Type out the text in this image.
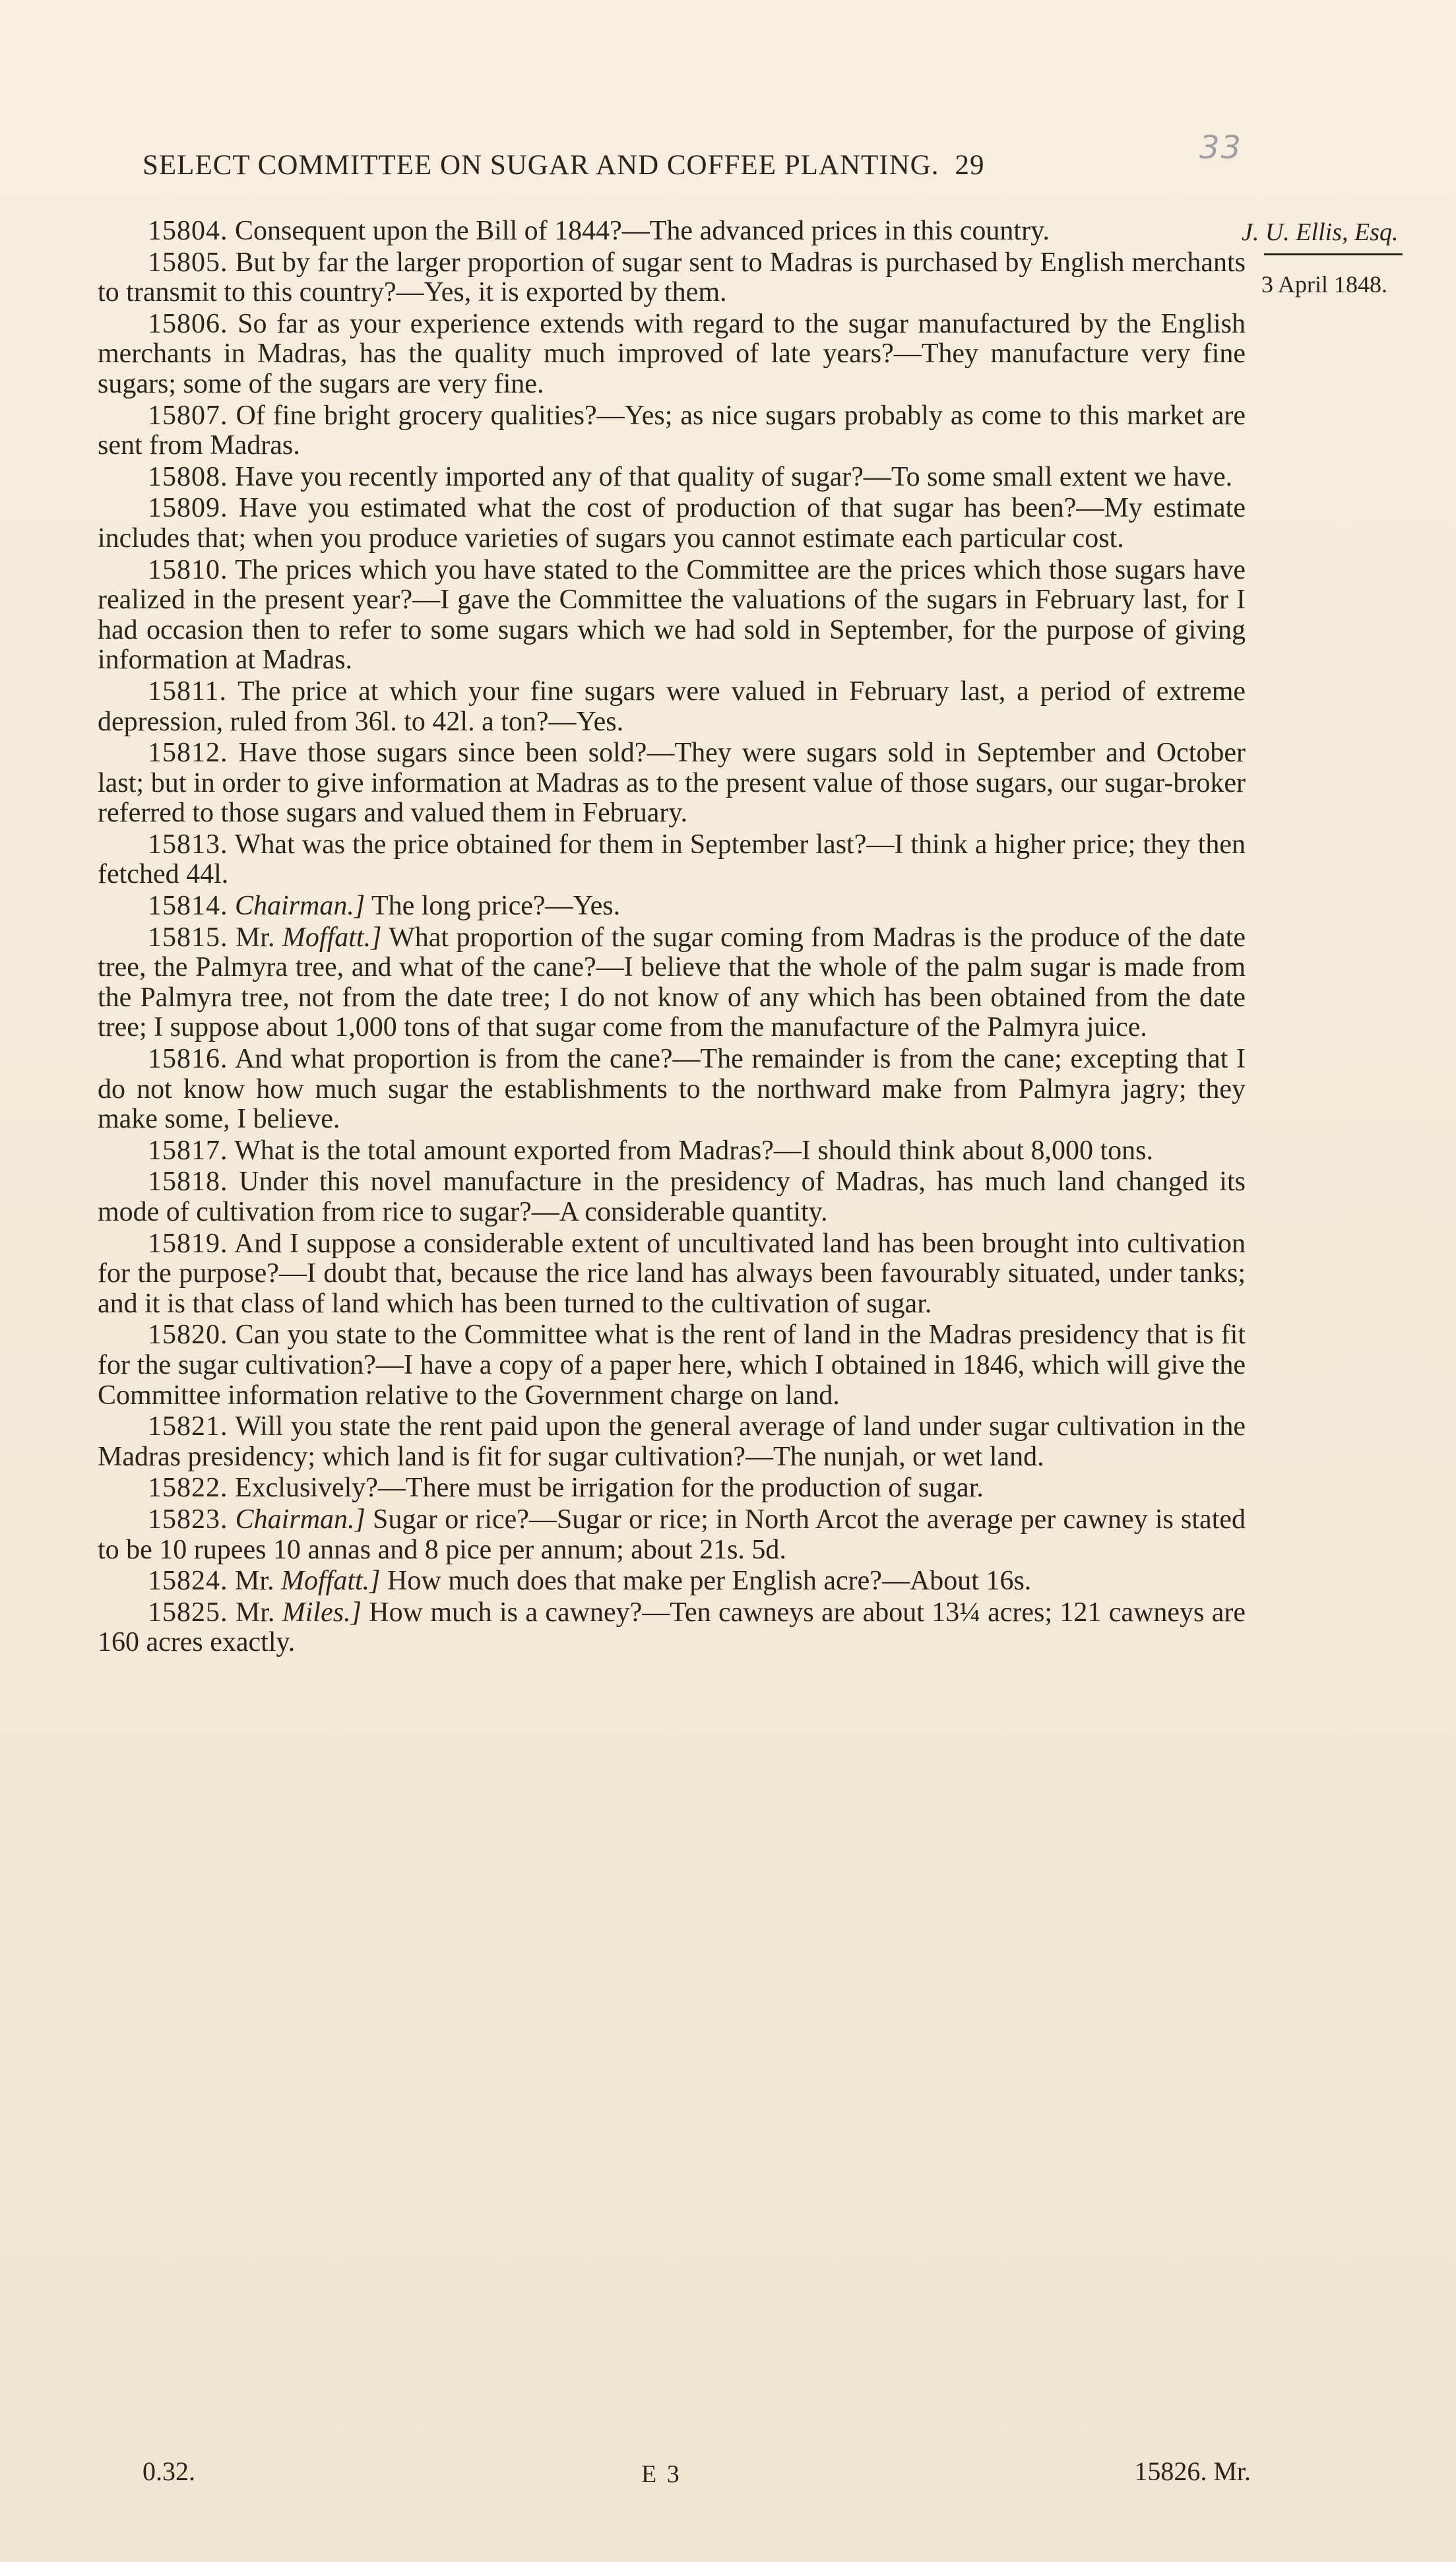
33
SELECT COMMITTEE ON SUGAR AND COFFEE PLANTING. 29
J. U. Ellis, Esq.
3 April 1848.

15804. Consequent upon the Bill of 1844?—The advanced prices in this country.

15805. But by far the larger proportion of sugar sent to Madras is purchased by English merchants to transmit to this country?—Yes, it is exported by them.

15806. So far as your experience extends with regard to the sugar manufactured by the English merchants in Madras, has the quality much improved of late years?—They manufacture very fine sugars; some of the sugars are very fine.

15807. Of fine bright grocery qualities?—Yes; as nice sugars probably as come to this market are sent from Madras.

15808. Have you recently imported any of that quality of sugar?—To some small extent we have.

15809. Have you estimated what the cost of production of that sugar has been?—My estimate includes that; when you produce varieties of sugars you cannot estimate each particular cost.

15810. The prices which you have stated to the Committee are the prices which those sugars have realized in the present year?—I gave the Committee the valuations of the sugars in February last, for I had occasion then to refer to some sugars which we had sold in September, for the purpose of giving information at Madras.

15811. The price at which your fine sugars were valued in February last, a period of extreme depression, ruled from 36l. to 42l. a ton?—Yes.

15812. Have those sugars since been sold?—They were sugars sold in September and October last; but in order to give information at Madras as to the present value of those sugars, our sugar-broker referred to those sugars and valued them in February.

15813. What was the price obtained for them in September last?—I think a higher price; they then fetched 44l.

15814. Chairman.] The long price?—Yes.

15815. Mr. Moffatt.] What proportion of the sugar coming from Madras is the produce of the date tree, the Palmyra tree, and what of the cane?—I believe that the whole of the palm sugar is made from the Palmyra tree, not from the date tree; I do not know of any which has been obtained from the date tree; I suppose about 1,000 tons of that sugar come from the manufacture of the Palmyra juice.

15816. And what proportion is from the cane?—The remainder is from the cane; excepting that I do not know how much sugar the establishments to the northward make from Palmyra jagry; they make some, I believe.

15817. What is the total amount exported from Madras?—I should think about 8,000 tons.

15818. Under this novel manufacture in the presidency of Madras, has much land changed its mode of cultivation from rice to sugar?—A considerable quantity.

15819. And I suppose a considerable extent of uncultivated land has been brought into cultivation for the purpose?—I doubt that, because the rice land has always been favourably situated, under tanks; and it is that class of land which has been turned to the cultivation of sugar.

15820. Can you state to the Committee what is the rent of land in the Madras presidency that is fit for the sugar cultivation?—I have a copy of a paper here, which I obtained in 1846, which will give the Committee information relative to the Government charge on land.

15821. Will you state the rent paid upon the general average of land under sugar cultivation in the Madras presidency; which land is fit for sugar cultivation?—The nunjah, or wet land.

15822. Exclusively?—There must be irrigation for the production of sugar.

15823. Chairman.] Sugar or rice?—Sugar or rice; in North Arcot the average per cawney is stated to be 10 rupees 10 annas and 8 pice per annum; about 21s. 5d.

15824. Mr. Moffatt.] How much does that make per English acre?—About 16s.

15825. Mr. Miles.] How much is a cawney?—Ten cawneys are about 13¼ acres; 121 cawneys are 160 acres exactly.

0.32.	E 3	15826. Mr.
